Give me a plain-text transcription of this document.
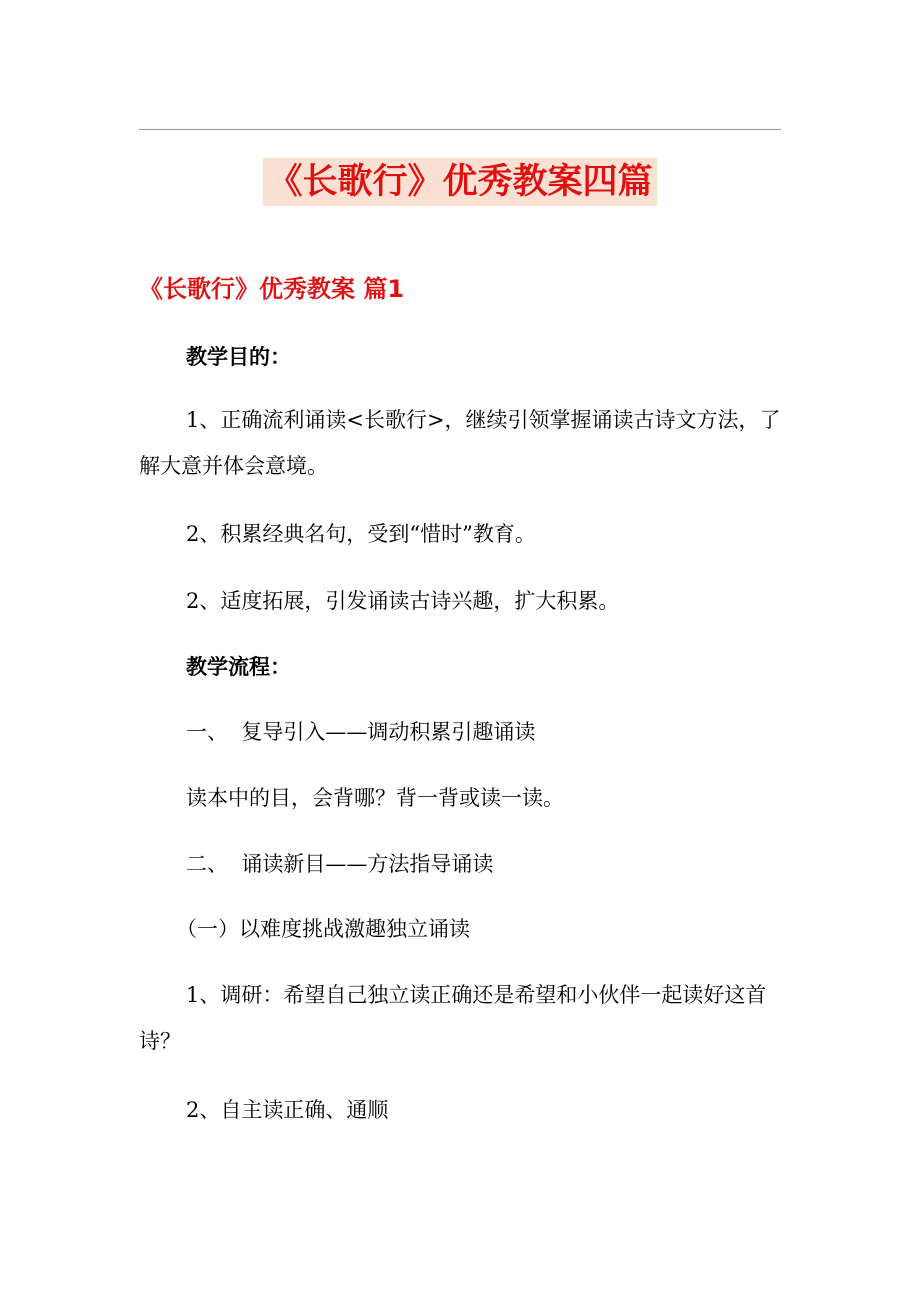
《长歌行》优秀教案四篇
《长歌行》优秀教案 篇1
教学目的：
1、正确流利诵读<长歌行>，继续引领掌握诵读古诗文方法，了解大意并体会意境。
2、积累经典名句，受到“惜时”教育。
2、适度拓展，引发诵读古诗兴趣，扩大积累。
教学流程：
一、  复导引入——调动积累引趣诵读
读本中的目，会背哪？背一背或读一读。
二、  诵读新目——方法指导诵读
（一）以难度挑战激趣独立诵读
1、调研：希望自己独立读正确还是希望和小伙伴一起读好这首诗？
2、自主读正确、通顺
